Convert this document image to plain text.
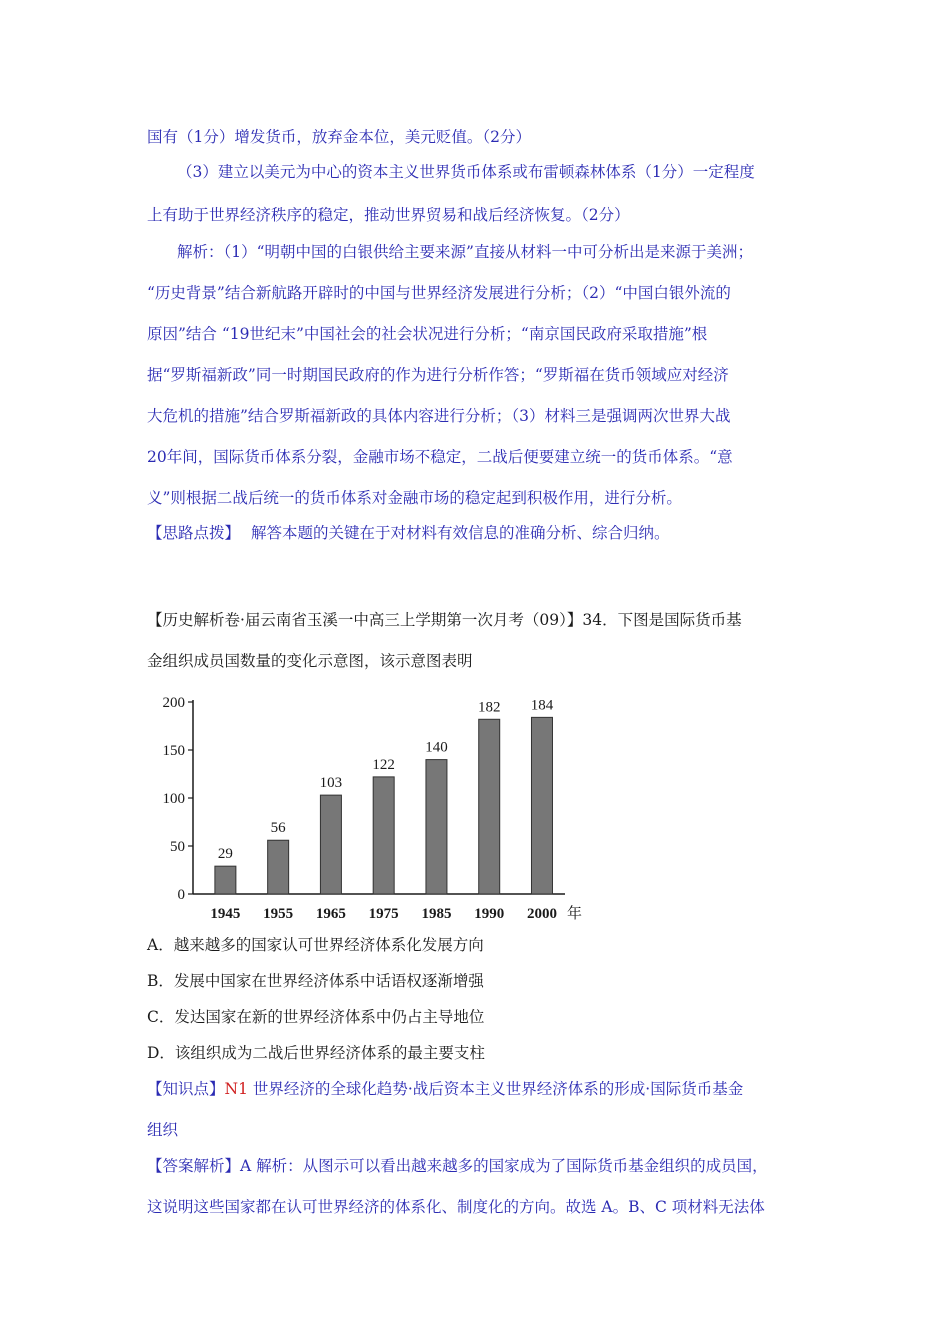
国有（1分）增发货币，放弃金本位，美元贬值。（2分）
（3）建立以美元为中心的资本主义世界货币体系或布雷顿森林体系（1分）一定程度
上有助于世界经济秩序的稳定，推动世界贸易和战后经济恢复。（2分）
解析：（1）“明朝中国的白银供给主要来源”直接从材料一中可分析出是来源于美洲；
“历史背景”结合新航路开辟时的中国与世界经济发展进行分析；（2）“中国白银外流的
原因”结合 “19世纪末”中国社会的社会状况进行分析；“南京国民政府采取措施”根
据“罗斯福新政”同一时期国民政府的作为进行分析作答；“罗斯福在货币领域应对经济
大危机的措施”结合罗斯福新政的具体内容进行分析；（3）材料三是强调两次世界大战
20年间，国际货币体系分裂，金融市场不稳定，二战后便要建立统一的货币体系。“意
义”则根据二战后统一的货币体系对金融市场的稳定起到积极作用，进行分析。
【思路点拨】 解答本题的关键在于对材料有效信息的准确分析、综合归纳。
【历史解析卷·届云南省玉溪一中高三上学期第一次月考（09）】34．下图是国际货币基
金组织成员国数量的变化示意图，该示意图表明
0
50
100
150
200
29
1945
56
1955
103
1965
122
1975
140
1985
182
1990
184
2000 年
A．越来越多的国家认可世界经济体系化发展方向
B．发展中国家在世界经济体系中话语权逐渐增强
C．发达国家在新的世界经济体系中仍占主导地位
D．该组织成为二战后世界经济体系的最主要支柱
【知识点】N1 世界经济的全球化趋势·战后资本主义世界经济体系的形成·国际货币基金
组织
【答案解析】A 解析：从图示可以看出越来越多的国家成为了国际货币基金组织的成员国，
这说明这些国家都在认可世界经济的体系化、制度化的方向。故选 A。B、C 项材料无法体
